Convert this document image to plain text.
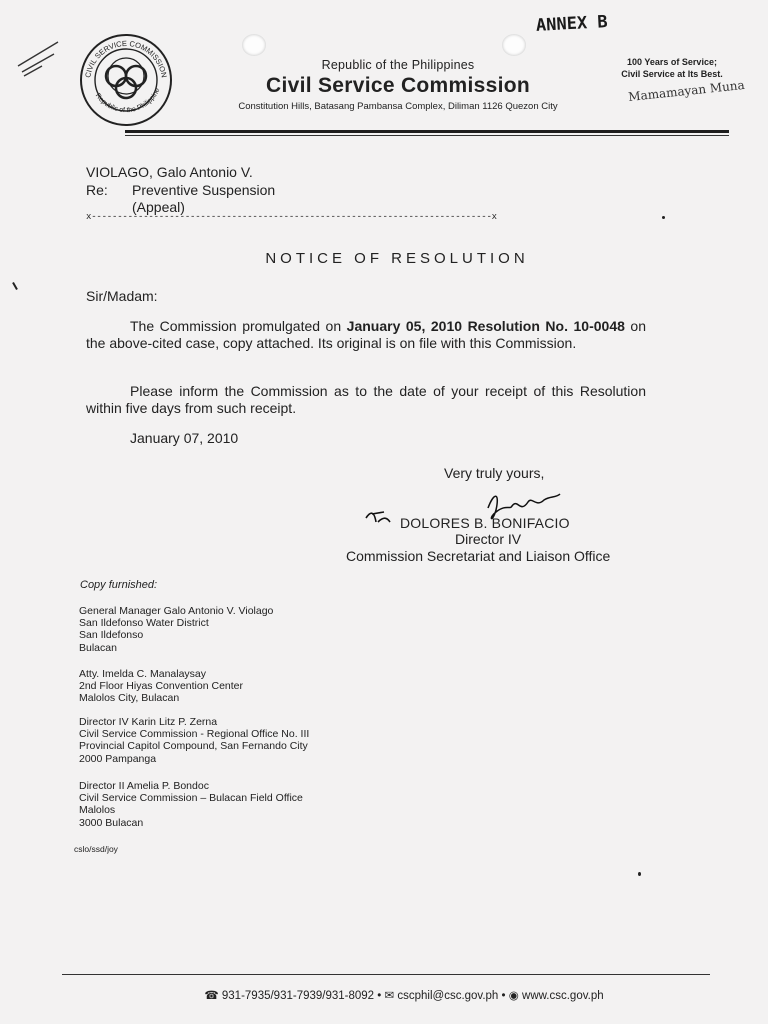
ANNEX B
CIVIL SERVICE COMMISSION
Republic of the Philippine
Republic of the Philippines
Civil Service Commission
Constitution Hills, Batasang Pambansa Complex, Diliman 1126 Quezon City
100 Years of Service;
Civil Service at Its Best.
Mamamayan Muna
VIOLAGO, Galo Antonio V.
Re: Preventive Suspension
(Appeal)
x-----------------------------------------------------------------------------x
NOTICE OF RESOLUTION
Sir/Madam:
The Commission promulgated on January 05, 2010 Resolution No. 10-0048 on the above-cited case, copy attached. Its original is on file with this Commission.
Please inform the Commission as to the date of your receipt of this Resolution within five days from such receipt.
January 07, 2010
Very truly yours,
DOLORES B. BONIFACIO
Director IV
Commission Secretariat and Liaison Office
Copy furnished:
General Manager Galo Antonio V. Violago
San Ildefonso Water District
San Ildefonso
Bulacan
Atty. Imelda C. Manalaysay
2nd Floor Hiyas Convention Center
Malolos City, Bulacan
Director IV Karin Litz P. Zerna
Civil Service Commission - Regional Office No. III
Provincial Capitol Compound, San Fernando City
2000 Pampanga
Director II Amelia P. Bondoc
Civil Service Commission – Bulacan Field Office
Malolos
3000 Bulacan
cslo/ssd/joy
☎ 931-7935/931-7939/931-8092 • ✉ cscphil@csc.gov.ph • ◉ www.csc.gov.ph
